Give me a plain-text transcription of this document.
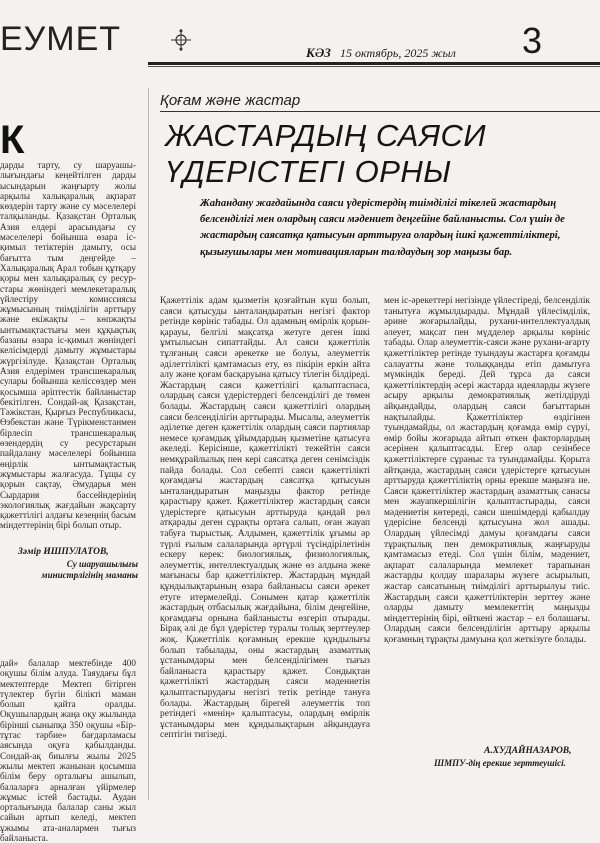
ЕУМЕТ
К
дарды тарту, су шаруашылығындағы кеңейтілген дарды ысындарын жаңғырту жолы арқылы халықаралық ақпарат көздерін тарту және су мәселелері талқыланды. Қазақстан Орталық Азия елдері арасындағы су мәселелері бойынша өзара іс-қимыл тетіктерін дамыту, осы бағытта тым деңгейде – Халықаралық Арал тобын құтқару қоры мен халықаралық су ресурстары жөніндегі мемлекетаралық үйлестіру комиссиясы жұмысының тиімділігін арттыру және екіжақты – көпжақты ынтымақтастығы мен құқықтық базаны өзара іс-қимыл жөніндегі келісімдерді дамыту жұмыстары жүргізілуде. Қазақстан Орталық Азия елдерімен трансшекаралық сулары бойынша келіссөздер мен қосымша әріптестік байланыстар бекітілген. Сондай-ақ Қазақстан, Тәжікстан, Қырғыз Республикасы, Өзбекстан және Түрікменстанмен бірлесіп трансшекаралық өзендердің су ресурстарын пайдалану мәселелері бойынша өңірлік ынтымақтастық жұмыстары жалғасуда. Тұщы су қорын сақтау, Әмударья мен Сырдария бассейндерінің экологиялық жағдайын жақсарту қажеттілігі алдағы кезеңнің басым міндеттерінің бірі болып отыр.
Зәмір ИШПУЛАТОВ,
Су шаруашылығы министрлігінің маманы
дай» балалар мектебінде 400 оқушы білім алуда. Таяудағы бұл мектептерде Мектеп бітірген түлектер бүгін білікті маман болып қайта оралды. Оқушылардың жаңа оқу жылында бірінші сыныпқа 350 оқушы «Біртұтас тәрбие» бағдарламасы аясында оқуға қабылданды. Сондай-ақ биылғы жылы 2025 жылы мектеп жанынан қосымша білім беру орталығы ашылып, балаларға арналған үйірмелер жұмыс істей бастады. Аудан орталығында балалар саны жыл сайын артып келеді, мектеп ұжымы ата-аналармен тығыз байланыста.
КӘЗ 15 октябрь, 2025 жыл 3
Қоғам және жастар
ЖАСТАРДЫҢ САЯСИ
ҮДЕРІСТЕГІ ОРНЫ
Жаһандану жағдайында саяси үдерістердің тиімділігі тікелей жастардың белсенділігі мен олардың саяси мәдениет деңгейіне байланысты. Сол үшін де жастардың саясатқа қатысуын арттыруға олардың ішкі қажеттіліктері, қызығушылары мен мотивацияларын талдаудың зор маңызы бар.
Қажеттілік адам қызметін қозғайтын күш болып, саяси қатысуды ынталандыратын негізгі фактор ретінде көрініс табады. Ол адамның өмірлік қорын-қарауы, белгілі мақсатқа жетуге деген ішкі ұмтылысын сипаттайды. Ал саяси қажеттілік тұлғаның саяси әрекетке ие болуы, әлеуметтік әділеттілікті қамтамасыз ету, өз пікірін еркін айта алу және қоғам басқаруына қатысу тілегін білдіреді. Жастардың саяси қажеттілігі қалыптаспаса, олардың саяси үдерістердегі белсенділігі де төмен болады. Жастардың саяси қажеттілігі олардың саяси белсенділігін арттырады. Мысалы, әлеуметтік әділетке деген қажеттілік олардың саяси партиялар немесе қоғамдық ұйымдардың қызметіне қатысуға әкеледі. Керісінше, қажеттілікті тежейтін саяси немқұрайлылық пен кері саясатқа деген сенімсіздік пайда болады. Сол себепті саяси қажеттілікті қоғамдағы жастардың саясатқа қатысуын ынталандыратын маңызды фактор ретінде қарастыру қажет. Қажеттіліктер жастардың саяси үдерістерге қатысуын арттыруда қандай рөл атқарады деген сұрақты ортаға салып, оған жауап табуға тырыстық. Алдымен, қажеттілік ұғымы әр түрлі ғылым салаларында әртүрлі түсіндірілетінін ескеру керек: биологиялық, физиологиялық, әлеуметтік, интеллектуалдық және өз алдына жеке мағынасы бар қажеттіліктер. Жастардың мұндай құндылықтарының өзара байланысы саяси әрекет етуге итермелейді. Сонымен қатар қажеттілік жастардың отбасылық жағдайына, білім деңгейіне, қоғамдағы орнына байланысты өзгеріп отырады. Бірақ әлі де бұл үдерістер туралы толық зерттеулер жоқ. Қажеттілік қоғамның ерекше құндылығы болып табылады, оны жастардың азаматтық ұстанымдары мен белсенділігімен тығыз байланыста қарастыру қажет. Сондықтан қажеттілікті жастардың саяси мәдениетін қалыптастырудағы негізгі тетік ретінде тануға болады. Жастардың бірегей әлеуметтік топ ретіндегі «менің» қалыптасуы, олардың өмірлік ұстанымдары мен құндылықтарын айқындауға септігін тигізеді.
мен іс-әрекеттері негізінде үйлестіреді, белсенділік танытуға жұмылдырады. Мұндай үйлесімділік, әрине жоғарылайды, рухани-интеллектуалдық әлеует, мақсат пен мүдделер арқылы көрініс табады. Олар әлеуметтік-саяси және рухани-ағарту қажеттіліктер ретінде туындауы жастарға қоғамды салауатты және толыққанды етіп дамытуға мүмкіндік береді. Дей тұрса да саяси қажеттіліктердің әсері жастарда идеяларды жүзеге асыру арқылы демократиялық жетілдіруді айқындайды, олардың саяси бағыттарын нақтылайды. Қажеттіліктер өздігінен туындамайды, ол жастардың қоғамда өмір сүруі, өмір бойы жоғарыда айтып өткен факторлардың әсерінен қалыптасады. Егер олар сезінбесе қажеттіліктерге сұраныс та туындамайды. Қорыта айтқанда, жастардың саяси үдерістерге қатысуын арттыруда қажеттіліктің орны ерекше маңызға ие. Саяси қажеттіліктер жастардың азаматтық санасы мен жауапкершілігін қалыптастырады, саяси мәдениетін көтереді, саяси шешімдерді қабылдау үдерісіне белсенді қатысуына жол ашады. Олардың үйлесімді дамуы қоғамдағы саяси тұрақтылық пен демократиялық жаңғыруды қамтамасыз етеді. Сол үшін білім, мәдениет, ақпарат салаларында мемлекет тарапынан жастарды қолдау шаралары жүзеге асырылып, жастар саясатының тиімділігі арттырылуы тиіс. Жастардың саяси қажеттіліктерін зерттеу және оларды дамыту мемлекеттің маңызды міндеттерінің бірі, өйткені жастар – ел болашағы. Олардың саяси белсенділігін арттыру арқылы қоғамның тұрақты дамуына қол жеткізуге болады.
А.ХУДАЙНАЗАРОВ,
ШМПУ-дің ерекше зерттеушісі.
